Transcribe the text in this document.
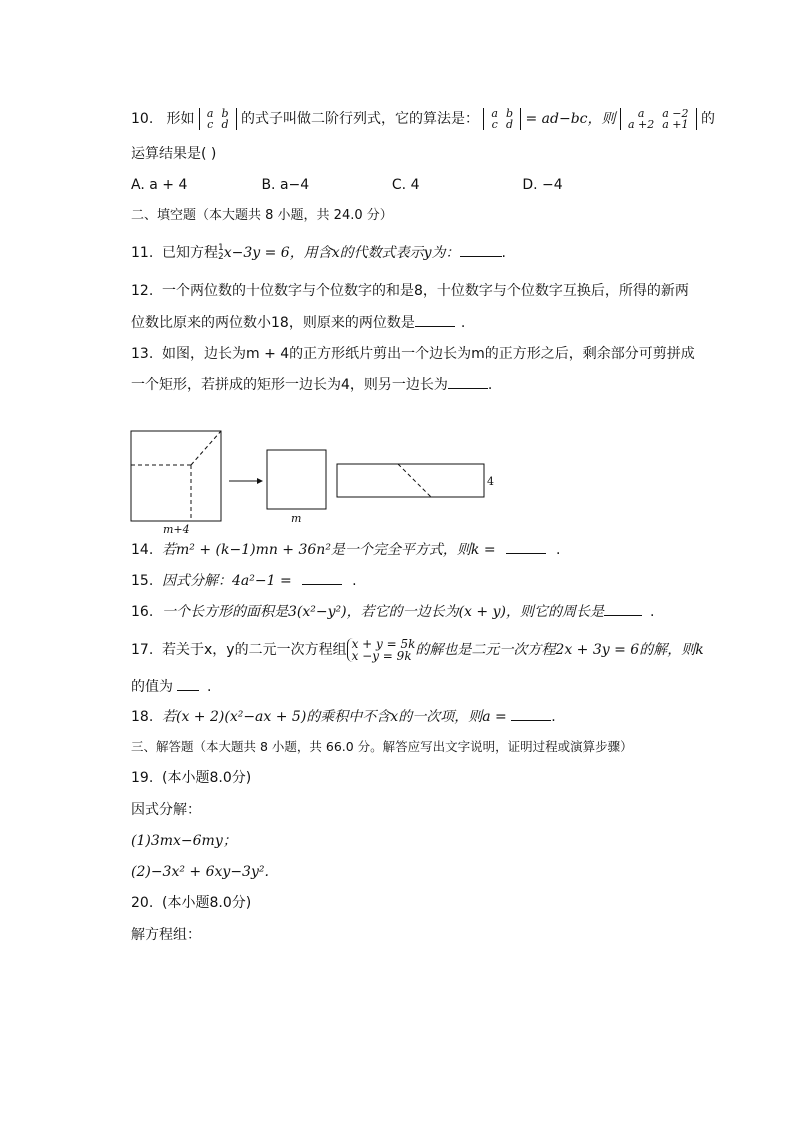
10. 形如 a	b
c	d 的式子叫做二阶行列式，它的算法是： a	b
c	d = ad−bc，则 a	a −2
a +2	a +1 的
运算结果是( )
A. a + 4	B. a−4	C. 4	D. −4
二、填空题（本大题共 8 小题，共 24.0 分）
11. 已知方程1
2x−3y = 6，用含x的代数式表示y为：	.
12. 一个两位数的十位数字与个位数字的和是8，十位数字与个位数字互换后，所得的新两
位数比原来的两位数小18，则原来的两位数是	.
13. 如图，边长为m + 4的正方形纸片剪出一个边长为m的正方形之后，剩余部分可剪拼成
一个矩形，若拼成的矩形一边长为4，则另一边长为	.
m+4
m
4
14. 若m² + (k−1)mn + 36n²是一个完全平方式，则k =	.
15. 因式分解：4a²−1 =	.
16. 一个长方形的面积是3(x²−y²)，若它的一边长为(x + y)，则它的周长是	.
17. 若关于x，y的二元一次方程组 x + y = 5k
x −y = 9k 的解也是二元一次方程2x + 3y = 6的解，则k
的值为 .
18. 若(x + 2)(x²−ax + 5)的乘积中不含x的一次项，则a =	.
三、解答题（本大题共 8 小题，共 66.0 分。解答应写出文字说明，证明过程或演算步骤）
19. (本小题8.0分)
因式分解：
(1)3mx−6my；
(2)−3x² + 6xy−3y².
20. (本小题8.0分)
解方程组：
